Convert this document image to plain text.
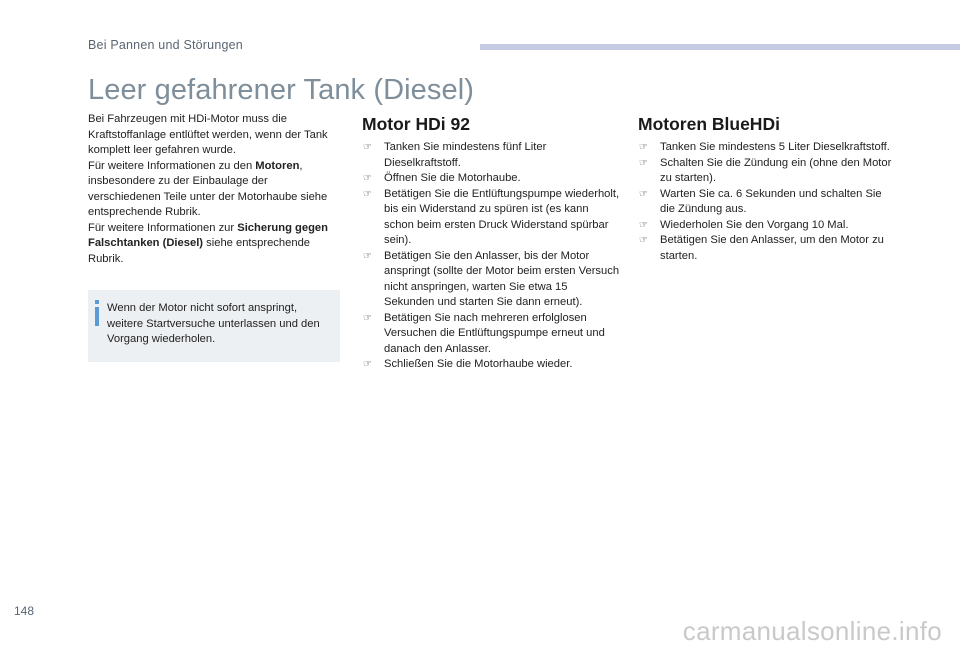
Bei Pannen und Störungen
Leer gefahrener Tank (Diesel)

Bei Fahrzeugen mit HDi-Motor muss die Kraftstoffanlage entlüftet werden, wenn der Tank komplett leer gefahren wurde.

Für weitere Informationen zu den Motoren, insbesondere zu der Einbaulage der verschiedenen Teile unter der Motorhaube siehe entsprechende Rubrik.

Für weitere Informationen zur Sicherung gegen Falschtanken (Diesel) siehe entsprechende Rubrik.

Wenn der Motor nicht sofort anspringt, weitere Startversuche unterlassen und den Vorgang wiederholen.

Motor HDi 92
☞ Tanken Sie mindestens fünf Liter Dieselkraftstoff.
☞ Öffnen Sie die Motorhaube.
☞ Betätigen Sie die Entlüftungspumpe wiederholt, bis ein Widerstand zu spüren ist (es kann schon beim ersten Druck Widerstand spürbar sein).
☞ Betätigen Sie den Anlasser, bis der Motor anspringt (sollte der Motor beim ersten Versuch nicht anspringen, warten Sie etwa 15 Sekunden und starten Sie dann erneut).
☞ Betätigen Sie nach mehreren erfolglosen Versuchen die Entlüftungspumpe erneut und danach den Anlasser.
☞ Schließen Sie die Motorhaube wieder.
Motoren BlueHDi
☞ Tanken Sie mindestens 5 Liter Dieselkraftstoff.
☞ Schalten Sie die Zündung ein (ohne den Motor zu starten).
☞ Warten Sie ca. 6 Sekunden und schalten Sie die Zündung aus.
☞ Wiederholen Sie den Vorgang 10 Mal.
☞ Betätigen Sie den Anlasser, um den Motor zu starten.
148
carmanualsonline.info
